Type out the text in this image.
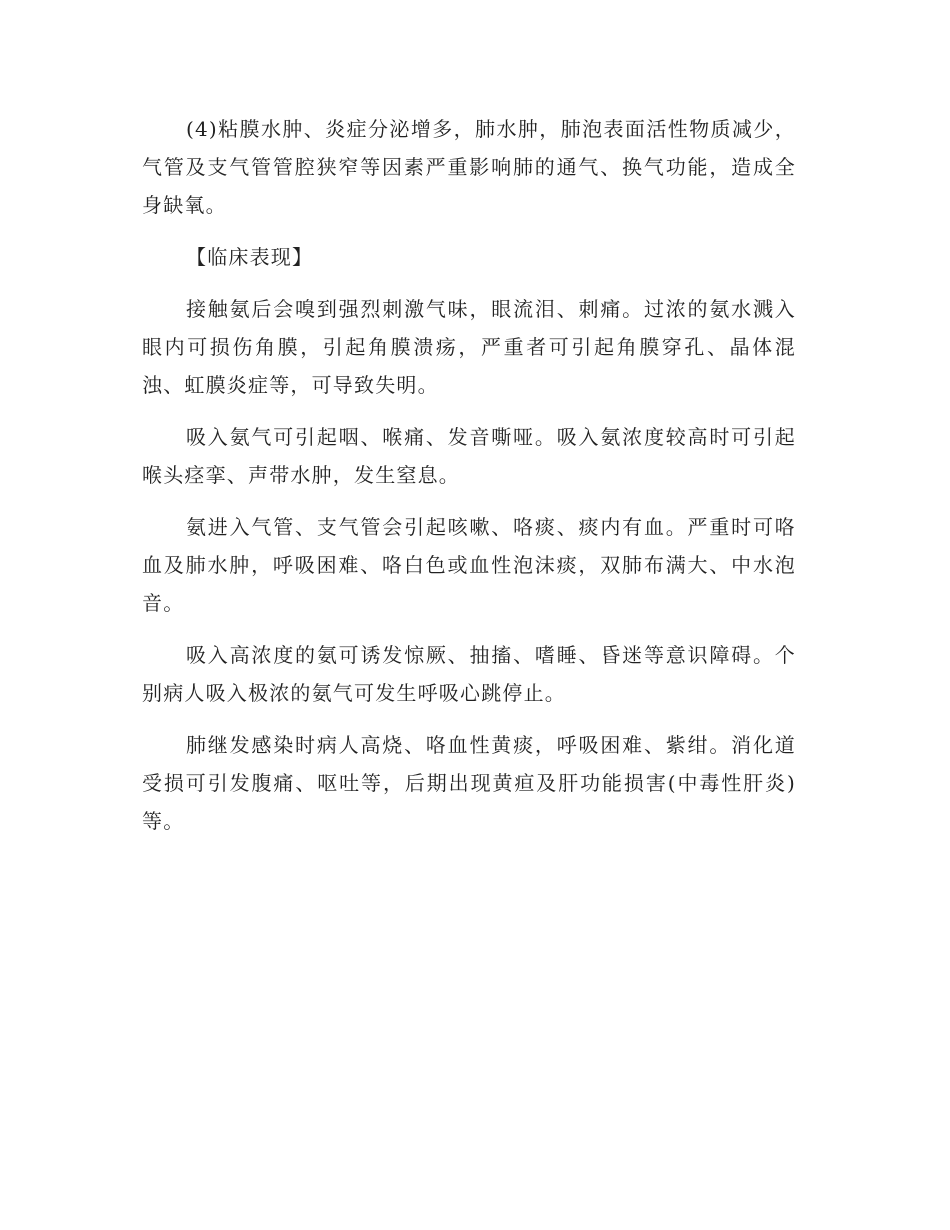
(4)粘膜水肿、炎症分泌增多，肺水肿，肺泡表面活性物质减少，气管及支气管管腔狭窄等因素严重影响肺的通气、换气功能，造成全身缺氧。

【临床表现】

接触氨后会嗅到强烈刺激气味，眼流泪、刺痛。过浓的氨水溅入眼内可损伤角膜，引起角膜溃疡，严重者可引起角膜穿孔、晶体混浊、虹膜炎症等，可导致失明。

吸入氨气可引起咽、喉痛、发音嘶哑。吸入氨浓度较高时可引起喉头痉挛、声带水肿，发生窒息。

氨进入气管、支气管会引起咳嗽、咯痰、痰内有血。严重时可咯血及肺水肿，呼吸困难、咯白色或血性泡沫痰，双肺布满大、中水泡音。

吸入高浓度的氨可诱发惊厥、抽搐、嗜睡、昏迷等意识障碍。个别病人吸入极浓的氨气可发生呼吸心跳停止。

肺继发感染时病人高烧、咯血性黄痰，呼吸困难、紫绀。消化道受损可引发腹痛、呕吐等，后期出现黄疸及肝功能损害(中毒性肝炎)等。
